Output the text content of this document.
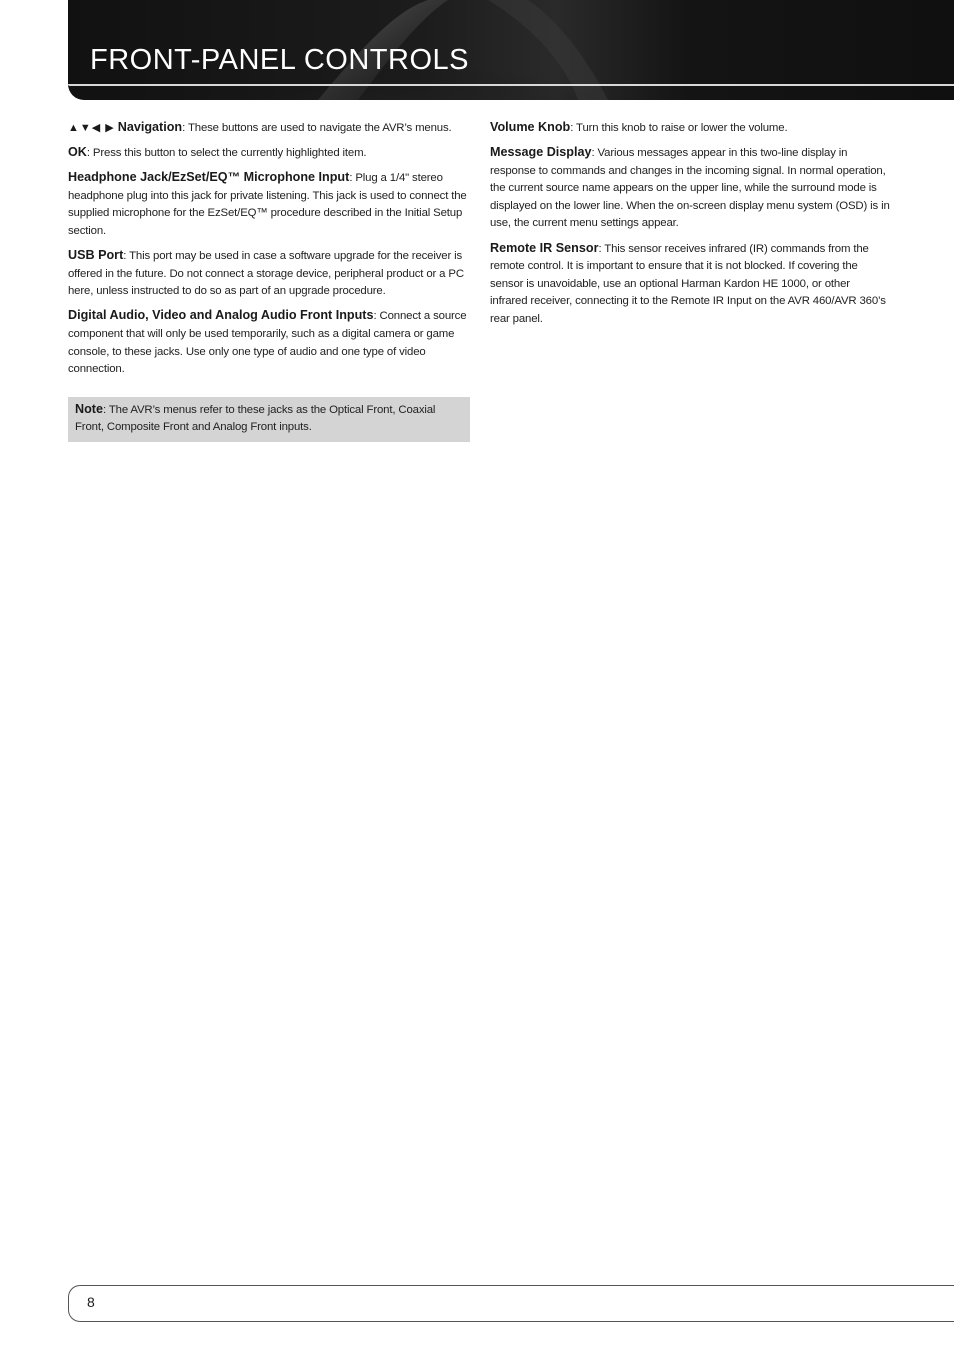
FRONT-PANEL CONTROLS

▲▼◀ ▶ Navigation: These buttons are used to navigate the AVR’s menus.

OK: Press this button to select the currently highlighted item.

Headphone Jack/EzSet/EQ™ Microphone Input: Plug a 1/4" stereo headphone plug into this jack for private listening. This jack is used to connect the supplied microphone for the EzSet/EQ™ procedure described in the Initial Setup section.

USB Port: This port may be used in case a software upgrade for the receiver is offered in the future. Do not connect a storage device, peripheral product or a PC here, unless instructed to do so as part of an upgrade procedure.

Digital Audio, Video and Analog Audio Front Inputs: Connect a source component that will only be used temporarily, such as a digital camera or game console, to these jacks. Use only one type of audio and one type of video connection.

Note: The AVR’s menus refer to these jacks as the Optical Front, Coaxial Front, Composite Front and Analog Front inputs.

Volume Knob: Turn this knob to raise or lower the volume.

Message Display: Various messages appear in this two-line display in response to commands and changes in the incoming signal. In normal operation, the current source name appears on the upper line, while the surround mode is displayed on the lower line. When the on-screen display menu system (OSD) is in use, the current menu settings appear.

Remote IR Sensor: This sensor receives infrared (IR) commands from the remote control. It is important to ensure that it is not blocked. If covering the sensor is unavoidable, use an optional Harman Kardon HE 1000, or other infrared receiver, connecting it to the Remote IR Input on the AVR 460/AVR 360’s rear panel.

8
